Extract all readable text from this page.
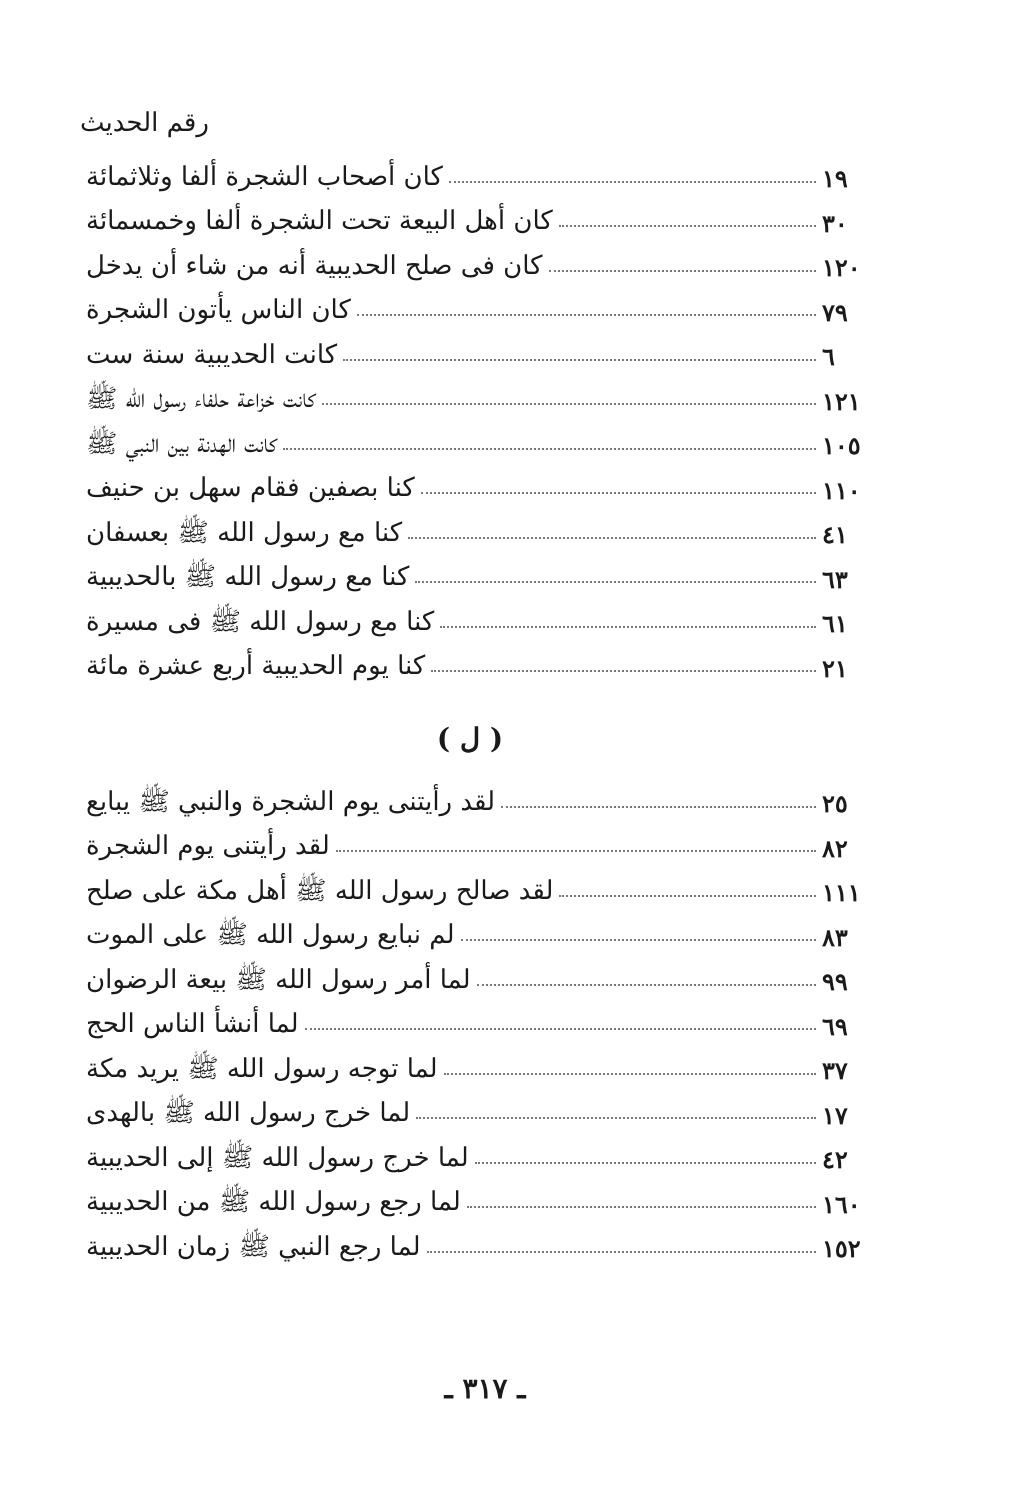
رقم الحديث
كان أصحاب الشجرة ألفا وثلاثمائة	١٩
كان أهل البيعة تحت الشجرة ألفا وخمسمائة	٣٠
كان فى صلح الحديبية أنه من شاء أن يدخل	١٢٠
كان الناس يأتون الشجرة	٧٩
كانت الحديبية سنة ست	٦
كانت خزاعة حلفاء رسول الله ﷺ	١٢١
كانت الهدنة بين النبي ﷺ	١٠٥
كنا بصفين فقام سهل بن حنيف	١١٠
كنا مع رسول الله ﷺ بعسفان	٤١
كنا مع رسول الله ﷺ بالحديبية	٦٣
كنا مع رسول الله ﷺ فى مسيرة	٦١
كنا يوم الحديبية أربع عشرة مائة	٢١
( ل )
لقد رأيتنى يوم الشجرة والنبي ﷺ يبايع	٢٥
لقد رأيتنى يوم الشجرة	٨٢
لقد صالح رسول الله ﷺ أهل مكة على صلح	١١١
لم نبايع رسول الله ﷺ على الموت	٨٣
لما أمر رسول الله ﷺ بيعة الرضوان	٩٩
لما أنشأ الناس الحج	٦٩
لما توجه رسول الله ﷺ يريد مكة	٣٧
لما خرج رسول الله ﷺ بالهدى	١٧
لما خرج رسول الله ﷺ إلى الحديبية	٤٢
لما رجع رسول الله ﷺ من الحديبية	١٦٠
لما رجع النبي ﷺ زمان الحديبية	١٥٢
ـ ٣١٧ ـ
